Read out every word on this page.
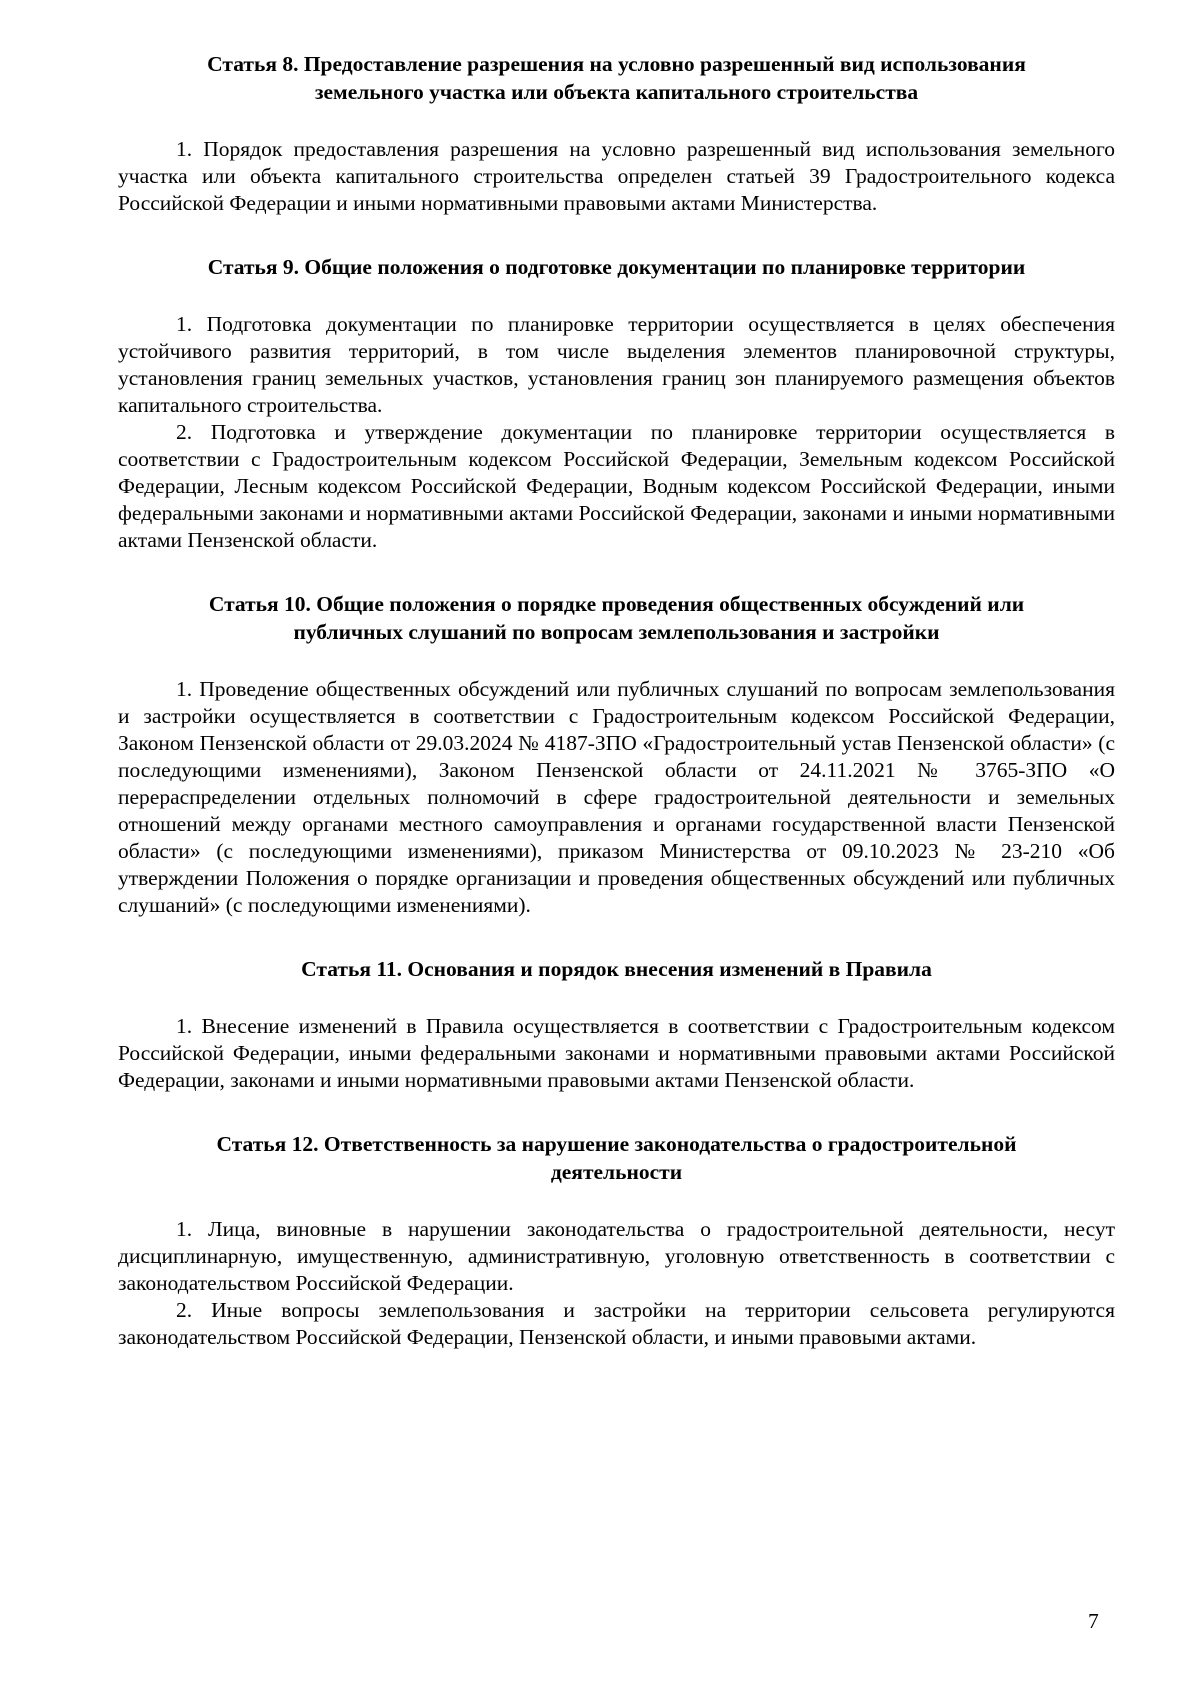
Статья 8. Предоставление разрешения на условно разрешенный вид использования земельного участка или объекта капитального строительства

1. Порядок предоставления разрешения на условно разрешенный вид использования земельного участка или объекта капитального строительства определен статьей 39 Градостроительного кодекса Российской Федерации и иными нормативными правовыми актами Министерства.

Статья 9. Общие положения о подготовке документации по планировке территории

1. Подготовка документации по планировке территории осуществляется в целях обеспечения устойчивого развития территорий, в том числе выделения элементов планировочной структуры, установления границ земельных участков, установления границ зон планируемого размещения объектов капитального строительства.

2. Подготовка и утверждение документации по планировке территории осуществляется в соответствии с Градостроительным кодексом Российской Федерации, Земельным кодексом Российской Федерации, Лесным кодексом Российской Федерации, Водным кодексом Российской Федерации, иными федеральными законами и нормативными актами Российской Федерации, законами и иными нормативными актами Пензенской области.

Статья 10. Общие положения о порядке проведения общественных обсуждений или публичных слушаний по вопросам землепользования и застройки

1. Проведение общественных обсуждений или публичных слушаний по вопросам землепользования и застройки осуществляется в соответствии с Градостроительным кодексом Российской Федерации, Законом Пензенской области от 29.03.2024 № 4187-ЗПО «Градостроительный устав Пензенской области» (с последующими изменениями), Законом Пензенской области от 24.11.2021 № 3765-ЗПО «О перераспределении отдельных полномочий в сфере градостроительной деятельности и земельных отношений между органами местного самоуправления и органами государственной власти Пензенской области» (с последующими изменениями), приказом Министерства от 09.10.2023 № 23-210 «Об утверждении Положения о порядке организации и проведения общественных обсуждений или публичных слушаний» (с последующими изменениями).

Статья 11. Основания и порядок внесения изменений в Правила

1. Внесение изменений в Правила осуществляется в соответствии с Градостроительным кодексом Российской Федерации, иными федеральными законами и нормативными правовыми актами Российской Федерации, законами и иными нормативными правовыми актами Пензенской области.

Статья 12. Ответственность за нарушение законодательства о градостроительной деятельности

1. Лица, виновные в нарушении законодательства о градостроительной деятельности, несут дисциплинарную, имущественную, административную, уголовную ответственность в соответствии с законодательством Российской Федерации.

2. Иные вопросы землепользования и застройки на территории сельсовета регулируются законодательством Российской Федерации, Пензенской области, и иными правовыми актами.

7
